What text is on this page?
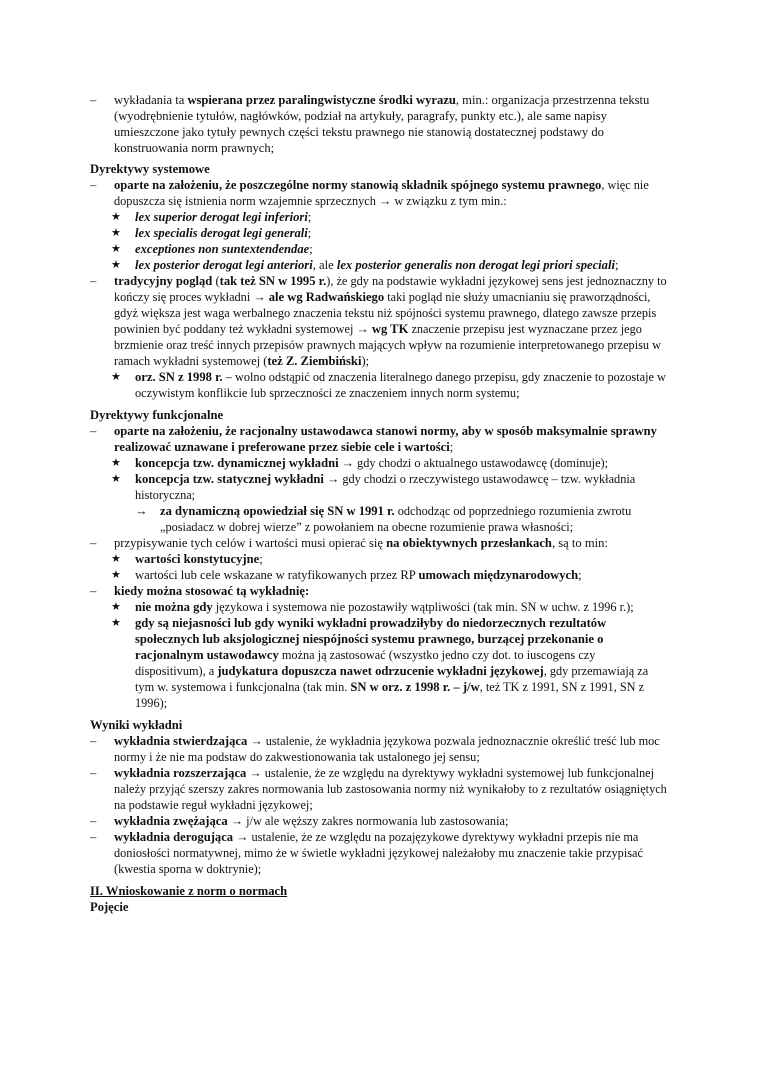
–	wykładania ta wspierana przez paralingwistyczne środki wyrazu, min.: organizacja przestrzenna tekstu (wyodrębnienie tytułów, nagłówków, podział na artykuły, paragrafy, punkty etc.), ale same napisy umieszczone jako tytuły pewnych części tekstu prawnego nie stanowią dostatecznej podstawy do konstruowania norm prawnych;
Dyrektywy systemowe
–	oparte na założeniu, że poszczególne normy stanowią składnik spójnego systemu prawnego, więc nie dopuszcza się istnienia norm wzajemnie sprzecznych → w związku z tym min.:
★ lex superior derogat legi inferiori;
★ lex specialis derogat legi generali;
★ exceptiones non suntextendendae;
★ lex posterior derogat legi anteriori, ale lex posterior generalis non derogat legi priori speciali;
–	tradycyjny pogląd (tak też SN w 1995 r.), że gdy na podstawie wykładni językowej sens jest jednoznaczny to kończy się proces wykładni → ale wg Radwańskiego taki pogląd nie służy umacnianiu się praworządności, gdyż większa jest waga werbalnego znaczenia tekstu niż spójności systemu prawnego, dlatego zawsze przepis powinien być poddany też wykładni systemowej → wg TK znaczenie przepisu jest wyznaczane przez jego brzmienie oraz treść innych przepisów prawnych mających wpływ na rozumienie interpretowanego przepisu w ramach wykładni systemowej (też Z. Ziembiński);
★ orz. SN z 1998 r. – wolno odstąpić od znaczenia literalnego danego przepisu, gdy znaczenie to pozostaje w oczywistym konflikcie lub sprzeczności ze znaczeniem innych norm systemu;
Dyrektywy funkcjonalne
–	oparte na założeniu, że racjonalny ustawodawca stanowi normy, aby w sposób maksymalnie sprawny realizować uznawane i preferowane przez siebie cele i wartości;
★ koncepcja tzw. dynamicznej wykładni → gdy chodzi o aktualnego ustawodawcę (dominuje);
★ koncepcja tzw. statycznej wykładni → gdy chodzi o rzeczywistego ustawodawcę – tzw. wykładnia historyczna;
→ za dynamiczną opowiedział się SN w 1991 r. odchodząc od poprzedniego rozumienia zwrotu „posiadacz w dobrej wierze” z powołaniem na obecne rozumienie prawa własności;
–	przypisywanie tych celów i wartości musi opierać się na obiektywnych przesłankach, są to min:
★ wartości konstytucyjne;
★ wartości lub cele wskazane w ratyfikowanych przez RP umowach międzynarodowych;
–	kiedy można stosować tą wykładnię:
★ nie można gdy językowa i systemowa nie pozostawiły wątpliwości (tak min. SN w uchw. z 1996 r.);
★ gdy są niejasności lub gdy wyniki wykładni prowadziłyby do niedorzecznych rezultatów społecznych lub aksjologicznej niespójności systemu prawnego, burzącej przekonanie o racjonalnym ustawodawcy można ją zastosować (wszystko jedno czy dot. to iuscogens czy dispositivum), a judykatura dopuszcza nawet odrzucenie wykładni językowej, gdy przemawiają za tym w. systemowa i funkcjonalna (tak min. SN w orz. z 1998 r. – j/w, też TK z 1991, SN z 1991, SN z 1996);
Wyniki wykładni
–	wykładnia stwierdzająca → ustalenie, że wykładnia językowa pozwala jednoznacznie określić treść lub moc normy i że nie ma podstaw do zakwestionowania tak ustalonego jej sensu;
–	wykładnia rozszerzająca → ustalenie, że ze względu na dyrektywy wykładni systemowej lub funkcjonalnej należy przyjąć szerszy zakres normowania lub zastosowania normy niż wynikałoby to z rezultatów osiągniętych na podstawie reguł wykładni językowej;
–	wykładnia zwężająca → j/w ale węższy zakres normowania lub zastosowania;
–	wykładnia derogująca → ustalenie, że ze względu na pozajęzykowe dyrektywy wykładni przepis nie ma doniosłości normatywnej, mimo że w świetle wykładni językowej należałoby mu znaczenie takie przypisać (kwestia sporna w doktrynie);
II. Wnioskowanie z norm o normach
Pojęcie
